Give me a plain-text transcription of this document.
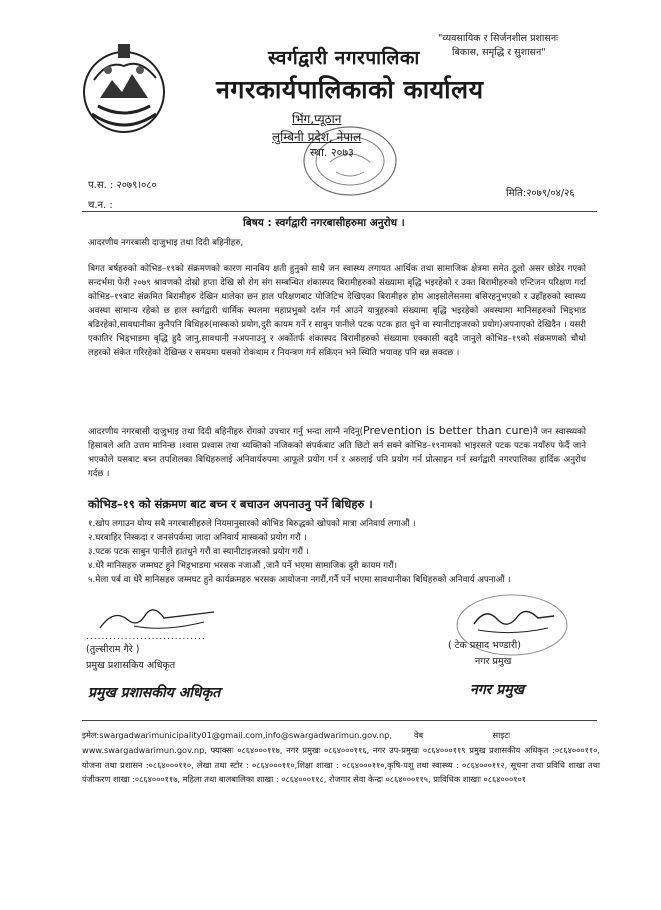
"व्यवसायिक र सिर्जनशील प्रशासनः
बिकास, समृद्धि र सुशासन"
स्वर्गद्वारी नगरपालिका
नगरकार्यपालिकाको कार्यालय
भिंग,प्यूठान
लुम्बिनी प्रदेश, नेपाल
स्था. २०७३
प.स. : २०७९।०८०
च.न. :
मिति:२०७९/०४/२६
बिषय : स्वर्गद्वारी नगरबासीहरुमा अनुरोध ।
आदरणीय नगरबासी दाजुभाइ तथा दिदी बहिनीहरु,
बिगत बर्षहरुको कोभिड–१९को संक्रमणको कारण मानबिय क्षती हुनुको साथै जन स्वास्थ्य लगायत आर्थिक तथा सामाजिक क्षेत्रमा समेत ठूलो असर छोडेर गएको सन्दर्भमा फेरी २०७९ श्रावणको दोस्रो हप्ता देखि सो रोग संग सम्बन्धित शंकास्पद बिरामीहरुको संख्यामा बृद्धि भइरहेको र उक्त बिरामीहरुको एन्टिजन परिक्षण गर्दा कोभिड–१९बाट संक्रमित बिरामीहरु देखिन थालेका छन हाल परिक्षणबाट पोजिटिभ देखिएका बिरामीहरु होम आइसोलेसनमा बसिरहनुभएको र उहाँहरुको स्वास्थ्य अवस्था सामान्य रहेको छ हाल स्वर्गद्वारी धार्मिक स्थलमा महाप्रभुको दर्शन गर्न आउने यात्रुहरुको संख्यामा बृद्धि भइरहेको अवस्थामा मानिसहरुको भिड्भाड बढिरहेको,सावधानीका कुनैपनि बिधिहरु(मास्कको प्रयोग,दुरी कायम गर्ने र साबुन पानीले पटक पटक हात धुने वा स्यानीटाइजरको प्रयोग)अपनाएको देखिदैन । यसरी एकातिर भिड्भाडमा बृद्धि हुदै जानु,सावधानी नअपनाउनु र अर्कोतर्फ शंकास्पद बिरामीहरुको संख्यामा एक्कासी बढ्दै जानुले कोभिड–१९को संक्रमणको चौथो लहरको संकेत गरिरहेको देखिन्छ र समयमा यसको रोकथाम र नियन्त्रण गर्न सकिएन भने स्थिति भयावह पनि बन्न सक्दछ ।
आदरणीय नगरबासी दाजुभाइ तथा दिदी बहिनीहरु रोगको उपचार गर्नु भन्दा लाग्नै नदिनु(Prevention is better than cure)नै जन स्वास्थ्यको हिसाबले अति उत्तम मानिन्छ ।श्वास प्रश्वास तथा थ्यक्तिको नजिकको संपर्कबाट अति छिटो सर्न सक्ने कोभिड–१९नामको भाइरसले पटक पटक नयाँरुप फेर्दै जाने भएकोले यसबाट बच्न तपशिलका बिधिहरुलाई अनिवार्यरुपमा आफूले प्रयोग गर्न र अरुलाई पनि प्रयोग गर्न प्रोत्साहन गर्न स्वर्गद्वारी नगरपालिका हार्दिक अनुरोध गर्दछ ।
कोभिड–१९ को संक्रमण बाट बच्न र बचाउन अपनाउनु पर्ने बिधिहरु ।
१.खोप लगाउन योग्य सबै नगरबासीहरुले नियमानुसारको कोभिड बिरुद्धको खोपको मात्रा अनिवार्य लगाऔं ।
२.घरबाहिर निस्कदा र जनसंपर्कमा जादा अनिवार्य मास्कको प्रयोग गरौं ।
३.पटक पटक साबुन पानीले हातधुने गरौं वा स्यानीटाइजरको प्रयोग गरौं ।
४.धेरै मानिसहरु जम्मघट हुने भिड्भाडमा भरसक नजाऔं ,जानै पर्ने भएमा सामाजिक दुरी कायम गरौं।
५.मेला पर्ब वा धेरै मानिसहरु जम्मघट हुने कार्यक्रमहरु भरसक आयोजना नगरौं,गर्नै पर्ने भएमा सावधानीका बिधिहरुको अनिवार्य अपनाऔं ।
...............................
(तुल्सीराम गैरे )
प्रमुख प्रशासकिय अधिकृत
प्रमुख प्रशासकीय अधिकृत
( टेक प्रसाद भण्डारी)
नगर प्रमुख
नगर प्रमुख
इमेल:swargadwarimunicipality01@gmail.com,info@swargadwarimun.gov.np,	वेब साइटःwww.swargadwarimun.gov.np, फ्याक्सः ०८६४०००११७, नगर प्रमुखः ०८६४०००११६, नगर उप-प्रमुखः ०८६४०००११९ प्रमुख प्रशासकीय अधिकृत :०८६४०००११०, योजना तथा प्रशासन :०८६४०००११०, लेखा तथा स्टोर : ०८६४०००११०,शिक्षा शाखा : ०८६४०००११०,कृषि-पशु तथा स्वास्थ्य : ०८६४०००११२, सूचना तथा प्रविधि शाखा तथा पंजीकरण शाखा :०८६४०००११७, महिला तथा बालबालिका शाखा : ०८६४०००११८, रोजगार सेवा केन्द्रः ०८६४०००११५, प्राविधिक शाखाः ०८६४०००१०१
